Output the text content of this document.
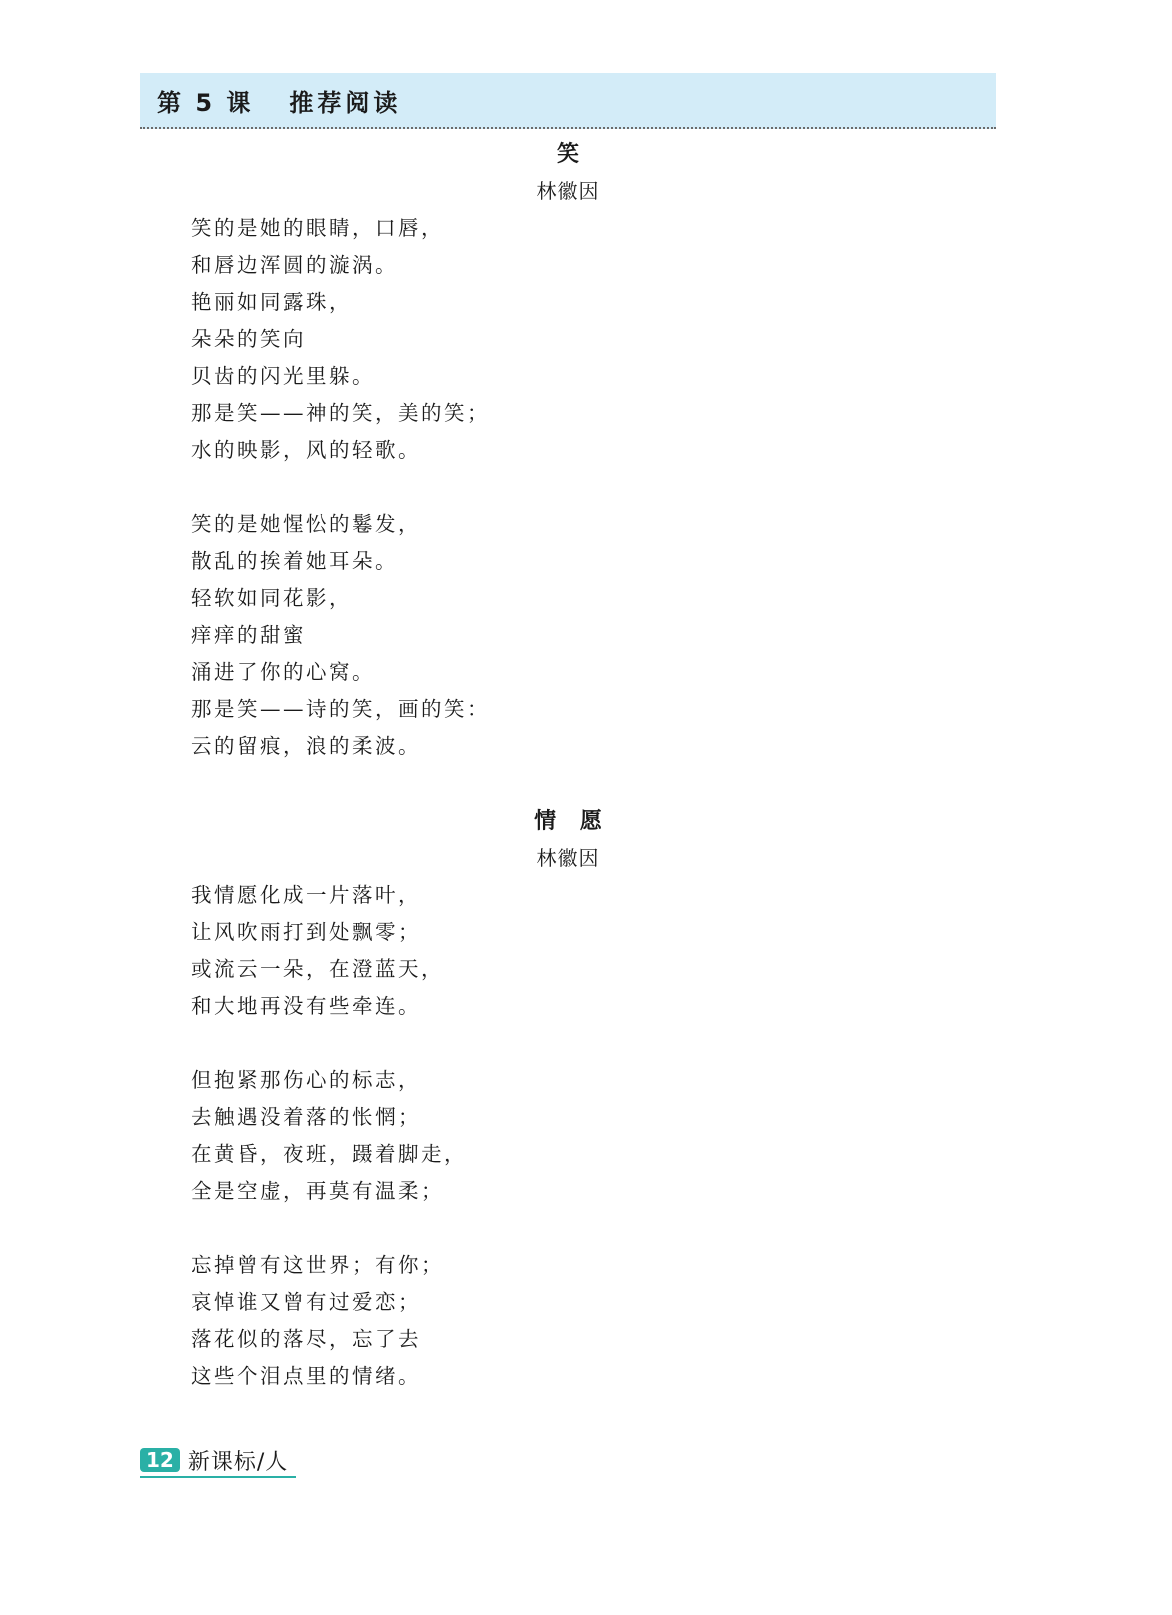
第 5 课 推荐阅读
笑
林徽因
笑的是她的眼睛，口唇，
和唇边浑圆的漩涡。
艳丽如同露珠，
朵朵的笑向
贝齿的闪光里躲。
那是笑——神的笑，美的笑；
水的映影，风的轻歌。
笑的是她惺忪的鬈发，
散乱的挨着她耳朵。
轻软如同花影，
痒痒的甜蜜
涌进了你的心窝。
那是笑——诗的笑，画的笑：
云的留痕，浪的柔波。
情 愿
林徽因
我情愿化成一片落叶，
让风吹雨打到处飘零；
或流云一朵，在澄蓝天，
和大地再没有些牵连。
但抱紧那伤心的标志，
去触遇没着落的怅惘；
在黄昏，夜班，蹑着脚走，
全是空虚，再莫有温柔；
忘掉曾有这世界；有你；
哀悼谁又曾有过爱恋；
落花似的落尽，忘了去
这些个泪点里的情绪。
12 新课标/人
